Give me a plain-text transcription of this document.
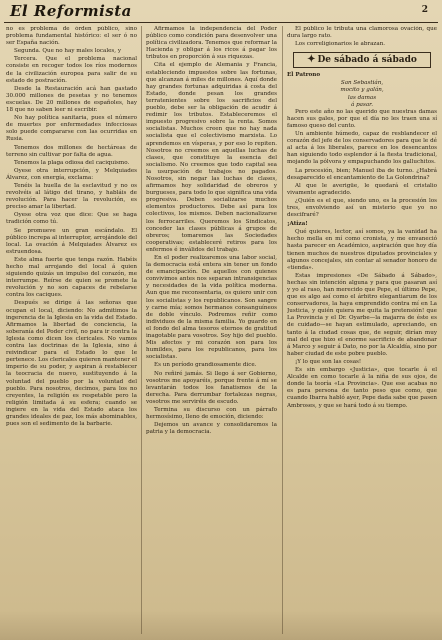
El Reformista	2

no es problema de órden público, sino problema fundamental histórico: el ser ó no ser España nación.

Segunda. Que no hay males locales, y

Tercera. Que el problema nacional consiste en recoger todos los ríos modernos de la civilización europea para salir de su estado de postración.

Desde la Restauración acá han gastado 30.000 millones de pesetas y no tenemos escuelas. De 20 millones de españoles, hay 18 que no saben leer ni escribir.

No hay política sanitaria, pues el número de muertes por enfermedades infecciosas solo puede compararse con las ocurridas en Rusia.

Tenemos dos millones de hectáreas de terreno sin cultivar por falta de agua.

Tenemos la plaga odiosa del caciquismo.

Oyese otra interrupción, y Melquiades Álvarez, con energía, exclama:

Tenéis la huella de la esclavitud y no os revolvéis al látigo del tirano, y habláis de revolución. Para hacer la revolución, es preciso amar la libertad.

Oyese otra voz que dice: Que se haga tradición como tú.

Se promueve un gran escándalo. El público increpa al interruptor, arrojándole del local. La ovación á Melquiades Álvarez es estruendosa.

Este alma fuerte que tenga razón. Habéis hecho mal arrojando del local á quien siguiendo quizás un impulso del corazón, me interrumpe. Reírse de quien se promete la revolución y no son capaces de rebelarse contra los caciques.

Después se dirige á las señoras que ocupan el local, diciendo: No admitimos la ingerencia de la Iglesia en la vida del Estado. Afirmamos la libertad de conciencia, la soberanía del Poder civil, no para ir contra la Iglesia como dicen los clericales. No vamos contra las doctrinas de la Iglesia, sino á reivindicar para el Estado lo que le pertenece. Los clericales quieren mantener el imperio de su poder, y aspiran á restablecer la teocracia de nuevo, sustituyendo á la voluntad del pueblo por la voluntad del pueblo. Para nosotros, decimos, para los no creyentes, la religión es respetable pero la religión limitada á su esfera; cuando se ingiere en la vida del Estado ataca los grandes ideales de paz, los más abominables, pues son el sedimento de la barbarie.

Afirmamos la independencia del Poder público como condición para desenvolver una política civilizadora. Tenemos que reformar la Hacienda y obligar á los ricos á pagar los tributos en proporción á sus riquezas.

Cita el ejemplo de Alemania y Francia, estableciendo impuestos sobre las fortunas, que alcanzan á miles de millones. Aquí donde hay grandes fortunas adquiridas á costa del Estado, donde pesan los grandes terratenientes sobre los sacrificios del pueblo, debe ser la obligación de acudir á redimir los tributos. Estableceremos el impuesto progresivo sobre la renta. Somos socialistas. Muchos creen que no hay nada socialista que el colectivismo marxista. Lo aprendemos en vísperas, y por eso lo repiten. Nosotros no creemos en aquellas luchas de clases, que constituye la esencia del socialismo. No creemos que todo capital sea la usurpación de trabajos no pagados. Nosotros, sin negar las luchas de clases, afirmamos hoy solidaridad de obreros y burgueses, para todo lo que significa una vida progresiva. Deben socializarse muchos elementos productores. Debe así para los colectivos, los mismos. Deben nacionalizarse los ferrocarriles. Queremos los Sindicatos, conceder las clases públicas á grupos de obreros; tomaremos las Sociedades cooperativas; estableceré retiros para los enfermos é inválidos del trabajo.

En el poder realizaremos una labor social, la democracia está entera sin tener un fondo de emancipación. De aquellos con quienes convivimos antes nos separan intransigencias y necesidades de la vida política moderna. Aun que me reconsentaria, os quiero unir con los socialistas y los republicanos. Son sangre y carne mía; somos hermanos consanguíneos de doble vínculo. Podremos reñir como individuos de la misma familia. Yo guardo en el fondo del alma tesoros eternos de gratitud inagotable para vosotros. Soy hijo del pueblo. Mis afectos y mi corazón son para los humildes, para los republicanos, para los socialistas.

Es un período grandiosamente dice.

No reñiré jamás. Si llego á ser Gobierno, vosotros me apoyaréis, porque frente á mí se levantarán todos los fanatismos de la derecha. Para derrumbar fortalezas negras, vosotros me serviréis de escudo.

Termina su discurso con un párrafo hermosísimo, lleno de emoción, diciendo:

Dejemos un avance y consolidaremos la patria y la democracia.

El público le tributa una clamorosa ovación, que dura largo rato.

Los correligionarios le abrazan.

✦ De sábado á sábado

El Patrono

San Sebastián,

mocito y galán,

las damas

á pasar.

Pero este año no las querido que nuestras damas hacen sus gales, por que el día no les traen una sí famoso queso del cunto.

Un ambiente húmedo, capaz de resblandecer el corazón del jefe de los conservadores para que le dé al acta á los liberales, parece en los desencantos han siguiendo todo esplendor á la fiesta tradicional, mojando la pólvora y empapuchando los galluchitos.

La procesión, bien; Manuel iba de turno. ¿Habrá desaparecido el encantamiento de La Golondrina?

Al que le averigüe, le quedará el cristalio vivamente agradecido.

¿Quién es el que, siendo uno, es la procesión los tres, envolviendo así un misterio que yo no descifraré?

¡Atiza!

Qué quieres, lector, así somos, ya la vanidad ha hecho mella en mí como cronista, y me envaneció hasta parecer en Académico, aspiración que hoy día tienen muchos de nuestros diputados provinciales y algunos concejales, sin contar al senador honoro de «tienda».

Estas impresiones «De Sábado á Sábado», hechas sin intención alguna y para que pasaran así y yo al raso, han merecido que Pepe, el último Pepe, que es algo así como el árbitro elegantiarum de los conservadores, la haya emprendido contra mí en La Justicia, y quién quiera me quita la pretensión! que La Provincia y el Dr. Oyarbe—la majarra de éste es de cuidado—se hayan estimulado, apreciando, en tanto á la ciudad cosas que, de seguir, dirían muy mal del que hizo el enorme sacrificio de abandonar á Marco y seguir á Dato, no por la Alcaldía, sino por haber ciudad de este pobre pueblo.

¡Y lo que son las cosas!

Es sin embargo «Justicia», que tocarle á el Alcalde en como tocarle á la niña de sus ojos, de donde la teoría «La Provincia». Que ese acabas no es para persona de tanto peso que como, que cuando Ibarra habló ayer, Pepe dada sabe que pasen Ambroses, y que se hará todo á su tiempo.
